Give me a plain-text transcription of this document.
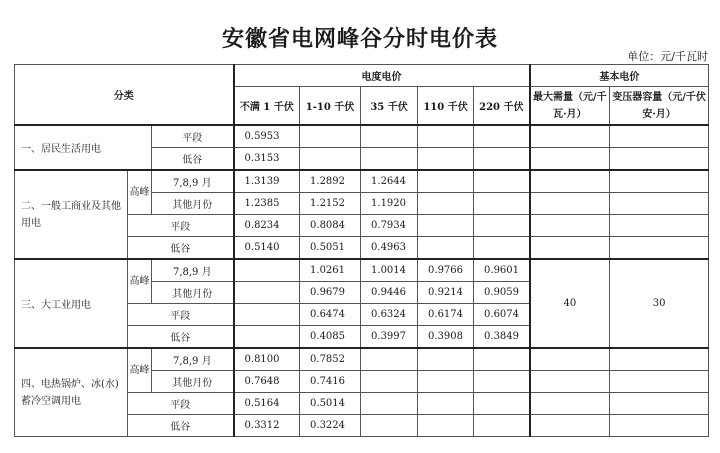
安徽省电网峰谷分时电价表
单位：元/千瓦时
分类			电度电价					基本电价	
			不满 1 千伏	1-10 千伏	35 千伏	110 千伏	220 千伏	最大需量（元/千瓦·月）	变压器容量（元/千伏安·月）
一、居民生活用电		平段	0.5953						
		低谷	0.3153						
二、一般工商业及其他用电	高峰	7,8,9 月	1.3139	1.2892	1.2644				
		其他月份	1.2385	1.2152	1.1920				
	平段		0.8234	0.8084	0.7934				
	低谷		0.5140	0.5051	0.4963				
三、大工业用电	高峰	7,8,9 月		1.0261	1.0014	0.9766	0.9601	40	30
		其他月份		0.9679	0.9446	0.9214	0.9059		
	平段			0.6474	0.6324	0.6174	0.6074		
	低谷			0.4085	0.3997	0.3908	0.3849		
四、电热锅炉、冰(水)蓄冷空调用电	高峰	7,8,9 月	0.8100	0.7852					
		其他月份	0.7648	0.7416					
	平段		0.5164	0.5014					
	低谷		0.3312	0.3224					
